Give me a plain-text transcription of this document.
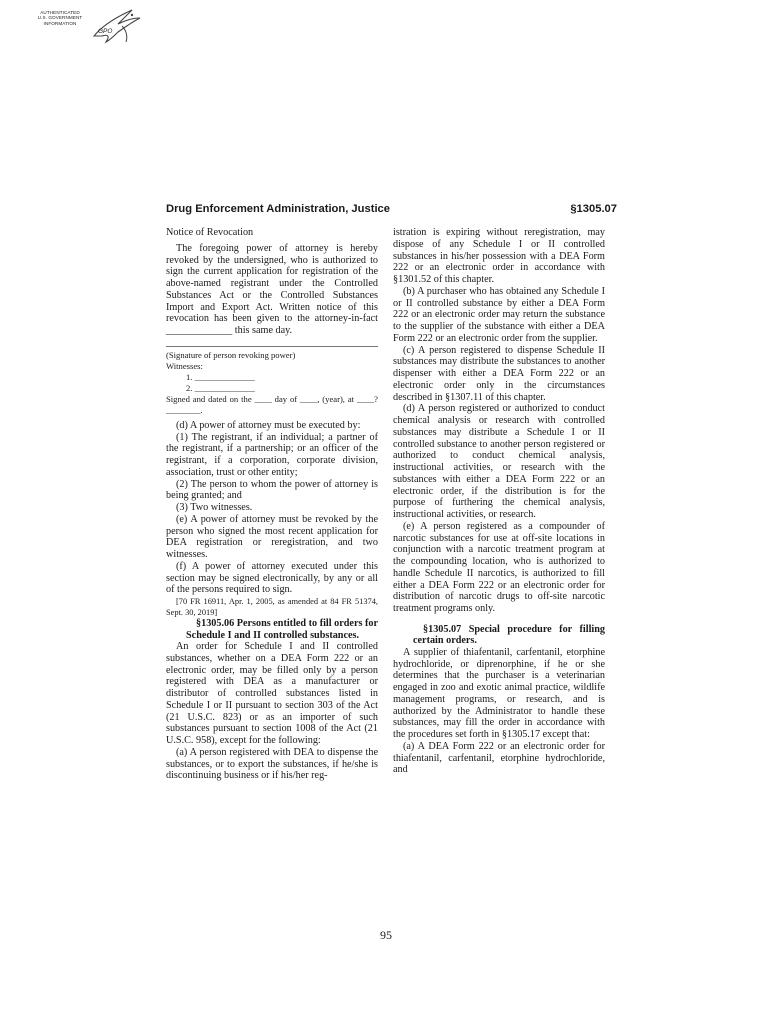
AUTHENTICATED
U.S. GOVERNMENT
INFORMATION
GPO
Drug Enforcement Administration, Justice	§1305.07

Notice of Revocation

The foregoing power of attorney is hereby revoked by the undersigned, who is authorized to sign the current application for registration of the above-named registrant under the Controlled Substances Act or the Controlled Substances Import and Export Act. Written notice of this revocation has been given to the attorney-in-fact _____________ this same day.

(Signature of person revoking power)

Witnesses:

1. ______________

2. ______________

Signed and dated on the ____ day of ____, (year), at ____?________.

(d) A power of attorney must be executed by:

(1) The registrant, if an individual; a partner of the registrant, if a partnership; or an officer of the registrant, if a corporation, corporate division, association, trust or other entity;

(2) The person to whom the power of attorney is being granted; and

(3) Two witnesses.

(e) A power of attorney must be revoked by the person who signed the most recent application for DEA registration or reregistration, and two witnesses.

(f) A power of attorney executed under this section may be signed electronically, by any or all of the persons required to sign.

[70 FR 16911, Apr. 1, 2005, as amended at 84 FR 51374, Sept. 30, 2019]

§1305.06 Persons entitled to fill orders for Schedule I and II controlled substances.

An order for Schedule I and II controlled substances, whether on a DEA Form 222 or an electronic order, may be filled only by a person registered with DEA as a manufacturer or distributor of controlled substances listed in Schedule I or II pursuant to section 303 of the Act (21 U.S.C. 823) or as an importer of such substances pursuant to section 1008 of the Act (21 U.S.C. 958), except for the following:

(a) A person registered with DEA to dispense the substances, or to export the substances, if he/she is discontinuing business or if his/her reg-

istration is expiring without reregistration, may dispose of any Schedule I or II controlled substances in his/her possession with a DEA Form 222 or an electronic order in accordance with §1301.52 of this chapter.

(b) A purchaser who has obtained any Schedule I or II controlled substance by either a DEA Form 222 or an electronic order may return the substance to the supplier of the substance with either a DEA Form 222 or an electronic order from the supplier.

(c) A person registered to dispense Schedule II substances may distribute the substances to another dispenser with either a DEA Form 222 or an electronic order only in the circumstances described in §1307.11 of this chapter.

(d) A person registered or authorized to conduct chemical analysis or research with controlled substances may distribute a Schedule I or II controlled substance to another person registered or authorized to conduct chemical analysis, instructional activities, or research with the substances with either a DEA Form 222 or an electronic order, if the distribution is for the purpose of furthering the chemical analysis, instructional activities, or research.

(e) A person registered as a compounder of narcotic substances for use at off-site locations in conjunction with a narcotic treatment program at the compounding location, who is authorized to handle Schedule II narcotics, is authorized to fill either a DEA Form 222 or an electronic order for distribution of narcotic drugs to off-site narcotic treatment programs only.

§1305.07 Special procedure for filling certain orders.

A supplier of thiafentanil, carfentanil, etorphine hydrochloride, or diprenorphine, if he or she determines that the purchaser is a veterinarian engaged in zoo and exotic animal practice, wildlife management programs, or research, and is authorized by the Administrator to handle these substances, may fill the order in accordance with the procedures set forth in §1305.17 except that:

(a) A DEA Form 222 or an electronic order for thiafentanil, carfentanil, etorphine hydrochloride, and

95
